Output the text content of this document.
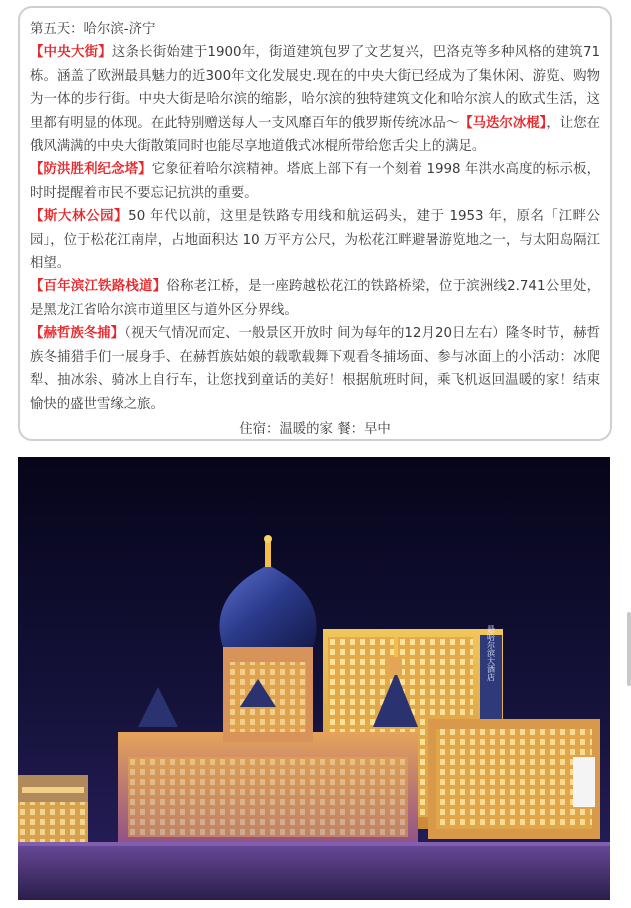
第五天：哈尔滨-济宁

【中央大街】这条长街始建于1900年，街道建筑包罗了文艺复兴，巴洛克等多种风格的建筑71栋。涵盖了欧洲最具魅力的近300年文化发展史.现在的中央大街已经成为了集休闲、游览、购物为一体的步行街。中央大街是哈尔滨的缩影，哈尔滨的独特建筑文化和哈尔滨人的欧式生活，这里都有明显的体现。在此特别赠送每人一支风靡百年的俄罗斯传统冰品～【马迭尔冰棍】，让您在俄风满满的中央大街散策同时也能尽享地道俄式冰棍所带给您舌尖上的满足。

【防洪胜利纪念塔】它象征着哈尔滨精神。塔底上部下有一个刻着 1998 年洪水高度的标示板，时时提醒着市民不要忘记抗洪的重要。

【斯大林公园】50 年代以前，这里是铁路专用线和航运码头，建于 1953 年，原名「江畔公园」，位于松花江南岸，占地面积达 10 万平方公尺，为松花江畔避暑游览地之一，与太阳岛隔江相望。

【百年滨江铁路栈道】俗称老江桥，是一座跨越松花江的铁路桥梁，位于滨洲线2.741公里处，是黑龙江省哈尔滨市道里区与道外区分界线。

【赫哲族冬捕】（视天气情况而定、一般景区开放时 间为每年的12月20日左右）隆冬时节，赫哲族冬捕猎手们一展身手、在赫哲族姑娘的载歌载舞下观看冬捕场面、参与冰面上的小活动：冰爬犁、抽冰尜、骑冰上自行车，让您找到童话的美好！根据航班时间，乘飞机返回温暖的家！结束愉快的盛世雪缘之旅。

住宿：温暖的家 餐：早中
悬哈尔滨大酒店
